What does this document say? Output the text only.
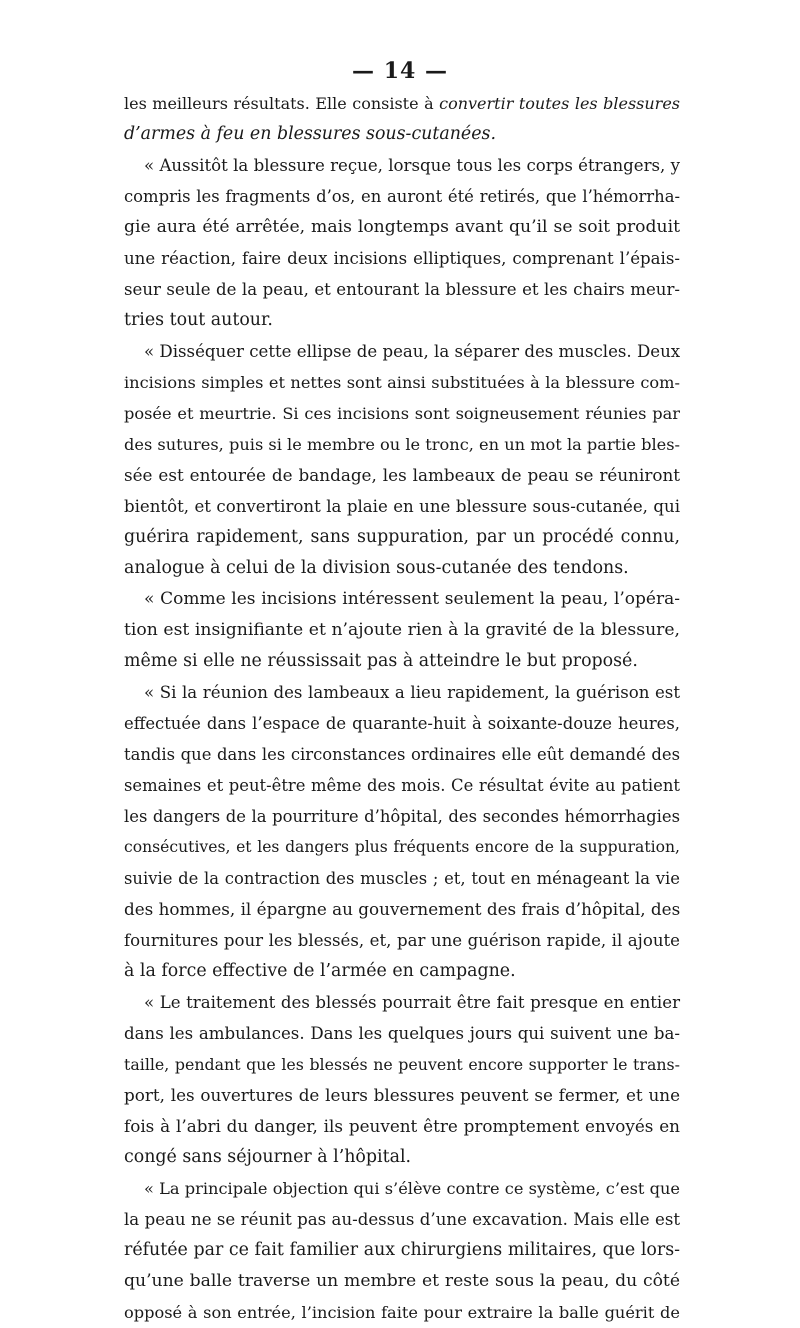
— 14 —
les meilleurs résultats. Elle consiste à convertir toutes les blessures
d’armes à feu en blessures sous-cutanées.
« Aussitôt la blessure reçue, lorsque tous les corps étrangers, y
compris les fragments d’os, en auront été retirés, que l’hémorrha-
gie aura été arrêtée, mais longtemps avant qu’il se soit produit
une réaction, faire deux incisions elliptiques, comprenant l’épais-
seur seule de la peau, et entourant la blessure et les chairs meur-
tries tout autour.
« Disséquer cette ellipse de peau, la séparer des muscles. Deux
incisions simples et nettes sont ainsi substituées à la blessure com-
posée et meurtrie. Si ces incisions sont soigneusement réunies par
des sutures, puis si le membre ou le tronc, en un mot la partie bles-
sée est entourée de bandage, les lambeaux de peau se réuniront
bientôt, et convertiront la plaie en une blessure sous-cutanée, qui
guérira rapidement, sans suppuration, par un procédé connu,
analogue à celui de la division sous-cutanée des tendons.
« Comme les incisions intéressent seulement la peau, l’opéra-
tion est insignifiante et n’ajoute rien à la gravité de la blessure,
même si elle ne réussissait pas à atteindre le but proposé.
« Si la réunion des lambeaux a lieu rapidement, la guérison est
effectuée dans l’espace de quarante-huit à soixante-douze heures,
tandis que dans les circonstances ordinaires elle eût demandé des
semaines et peut-être même des mois. Ce résultat évite au patient
les dangers de la pourriture d’hôpital, des secondes hémorrhagies
consécutives, et les dangers plus fréquents encore de la suppuration,
suivie de la contraction des muscles ; et, tout en ménageant la vie
des hommes, il épargne au gouvernement des frais d’hôpital, des
fournitures pour les blessés, et, par une guérison rapide, il ajoute
à la force effective de l’armée en campagne.
« Le traitement des blessés pourrait être fait presque en entier
dans les ambulances. Dans les quelques jours qui suivent une ba-
taille, pendant que les blessés ne peuvent encore supporter le trans-
port, les ouvertures de leurs blessures peuvent se fermer, et une
fois à l’abri du danger, ils peuvent être promptement envoyés en
congé sans séjourner à l’hôpital.
« La principale objection qui s’élève contre ce système, c’est que
la peau ne se réunit pas au-dessus d’une excavation. Mais elle est
réfutée par ce fait familier aux chirurgiens militaires, que lors-
qu’une balle traverse un membre et reste sous la peau, du côté
opposé à son entrée, l’incision faite pour extraire la balle guérit de
